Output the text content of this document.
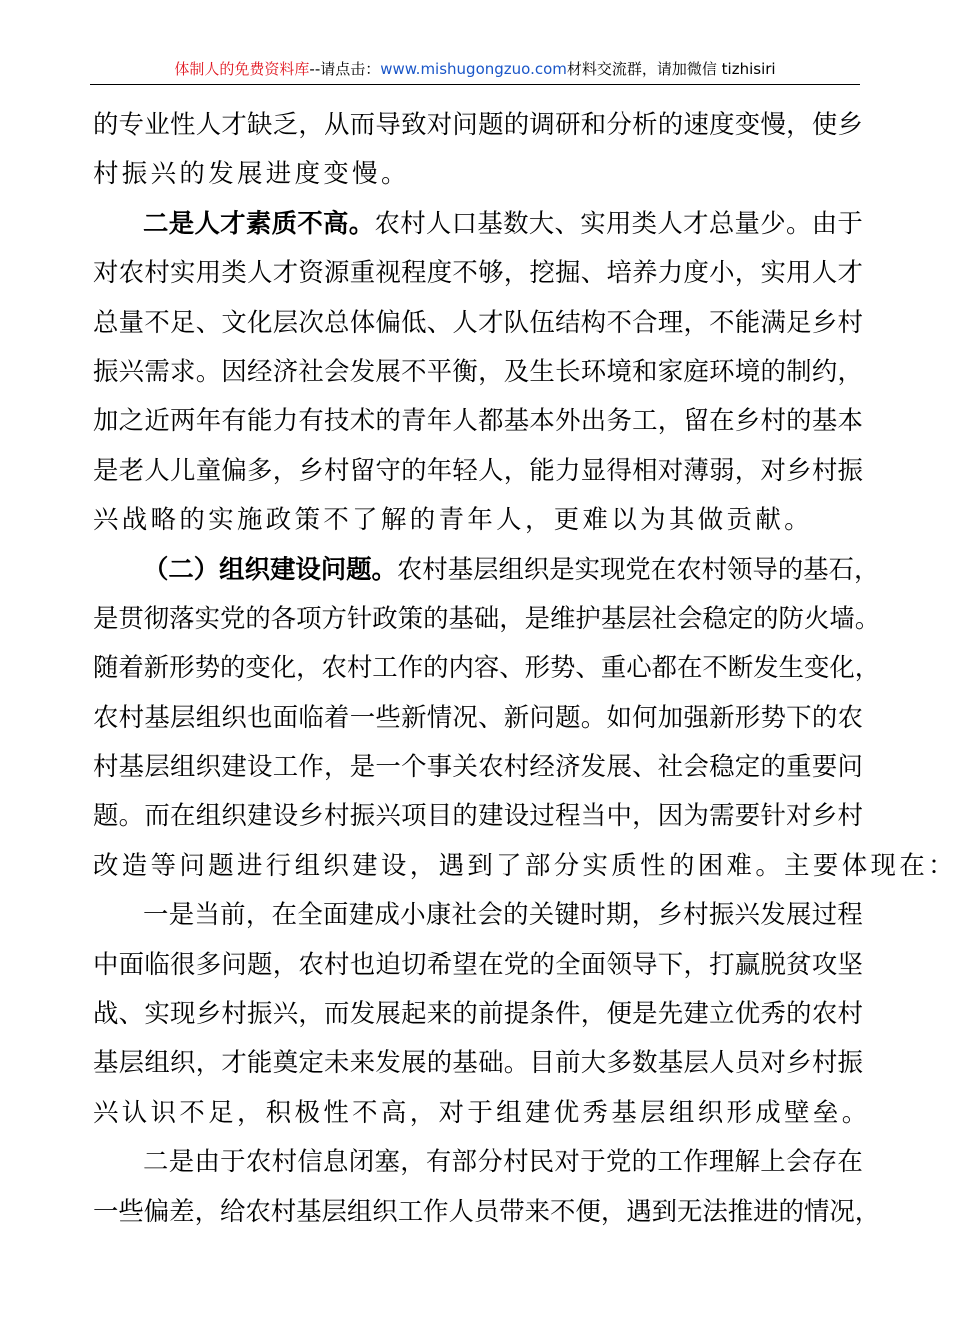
体制人的免费资料库--请点击：www.mishugongzuo.com材料交流群，请加微信 tizhisiri
的 专 业 性 人 才 缺 乏 ， 从 而 导 致 对 问 题 的 调 研 和 分 析 的 速 度 变 慢 ， 使 乡
村 振 兴 的 发 展 进 度 变 慢 。
二 是 人 才 素 质 不 高 。 农 村 人 口 基 数 大 、 实 用 类 人 才 总 量 少 。 由 于
对 农 村 实 用 类 人 才 资 源 重 视 程 度 不 够 ， 挖 掘 、 培 养 力 度 小 ， 实 用 人 才
总 量 不 足 、 文 化 层 次 总 体 偏 低 、 人 才 队 伍 结 构 不 合 理 ， 不 能 满 足 乡 村
振 兴 需 求 。 因 经 济 社 会 发 展 不 平 衡 ， 及 生 长 环 境 和 家 庭 环 境 的 制 约 ，
加 之 近 两 年 有 能 力 有 技 术 的 青 年 人 都 基 本 外 出 务 工 ， 留 在 乡 村 的 基 本
是 老 人 儿 童 偏 多 ， 乡 村 留 守 的 年 轻 人 ， 能 力 显 得 相 对 薄 弱 ， 对 乡 村 振
兴 战 略 的 实 施 政 策 不 了 解 的 青 年 人 ， 更 难 以 为 其 做 贡 献 。
（ 二 ） 组 织 建 设 问 题 。 农 村 基 层 组 织 是 实 现 党 在 农 村 领 导 的 基 石 ，
是 贯 彻 落 实 党 的 各 项 方 针 政 策 的 基 础 ， 是 维 护 基 层 社 会 稳 定 的 防 火 墙 。
随 着 新 形 势 的 变 化 ， 农 村 工 作 的 内 容 、 形 势 、 重 心 都 在 不 断 发 生 变 化 ，
农 村 基 层 组 织 也 面 临 着 一 些 新 情 况 、 新 问 题 。 如 何 加 强 新 形 势 下 的 农
村 基 层 组 织 建 设 工 作 ， 是 一 个 事 关 农 村 经 济 发 展 、 社 会 稳 定 的 重 要 问
题 。 而 在 组 织 建 设 乡 村 振 兴 项 目 的 建 设 过 程 当 中 ， 因 为 需 要 针 对 乡 村
改 造 等 问 题 进 行 组 织 建 设 ， 遇 到 了 部 分 实 质 性 的 困 难 。 主 要 体 现 在 ：
一 是 当 前 ， 在 全 面 建 成 小 康 社 会 的 关 键 时 期 ， 乡 村 振 兴 发 展 过 程
中 面 临 很 多 问 题 ， 农 村 也 迫 切 希 望 在 党 的 全 面 领 导 下 ， 打 赢 脱 贫 攻 坚
战 、 实 现 乡 村 振 兴 ， 而 发 展 起 来 的 前 提 条 件 ， 便 是 先 建 立 优 秀 的 农 村
基 层 组 织 ， 才 能 奠 定 未 来 发 展 的 基 础 。 目 前 大 多 数 基 层 人 员 对 乡 村 振
兴 认 识 不 足 ， 积 极 性 不 高 ， 对 于 组 建 优 秀 基 层 组 织 形 成 壁 垒 。
二 是 由 于 农 村 信 息 闭 塞 ， 有 部 分 村 民 对 于 党 的 工 作 理 解 上 会 存 在
一 些 偏 差 ， 给 农 村 基 层 组 织 工 作 人 员 带 来 不 便 ， 遇 到 无 法 推 进 的 情 况 ，
